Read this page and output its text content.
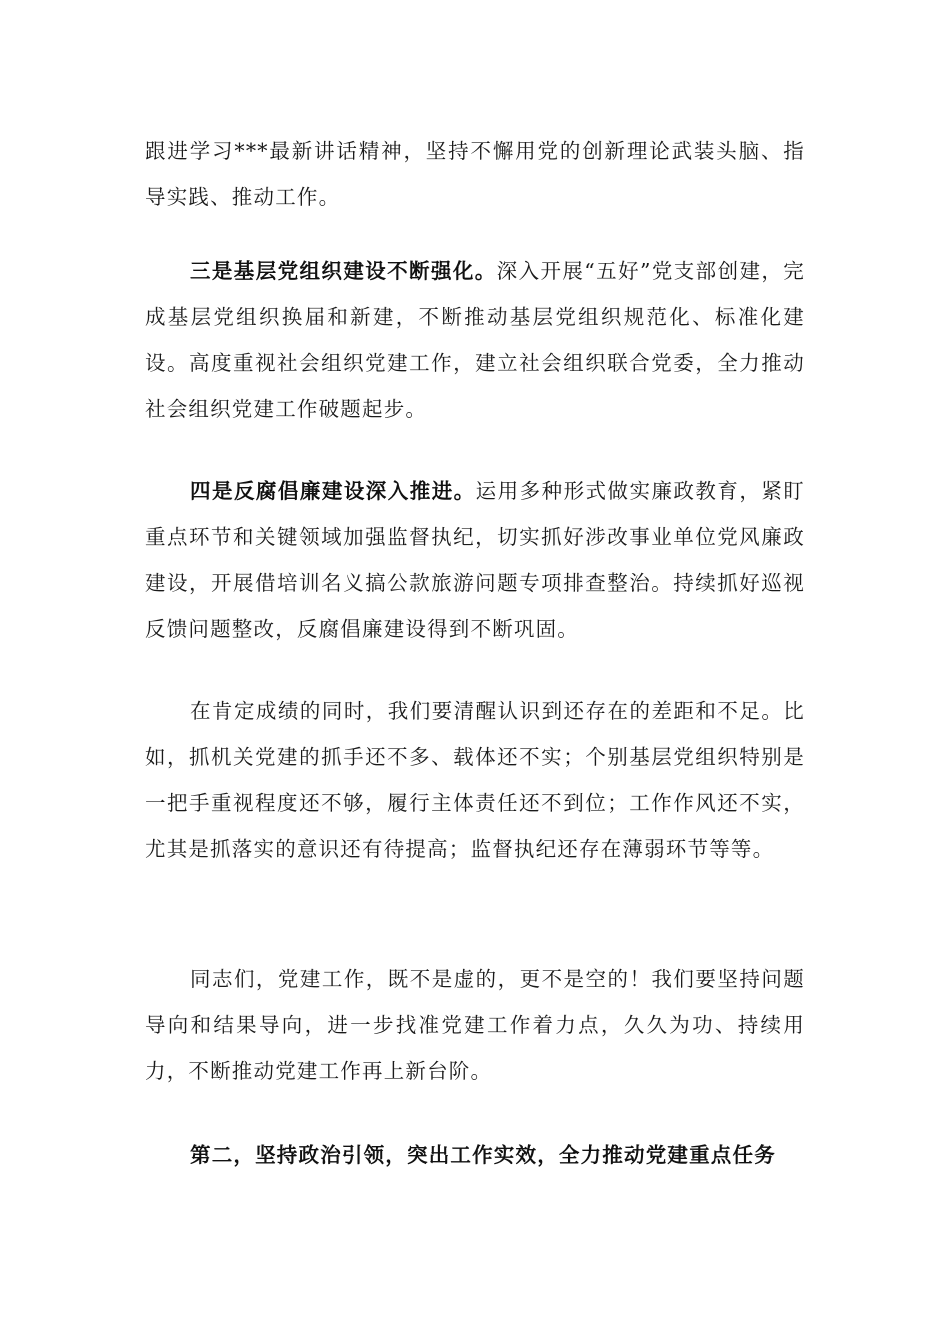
跟进学习***最新讲话精神，坚持不懈用党的创新理论武装头脑、指导实践、推动工作。

三是基层党组织建设不断强化。深入开展“五好”党支部创建，完成基层党组织换届和新建，不断推动基层党组织规范化、标准化建设。高度重视社会组织党建工作，建立社会组织联合党委，全力推动社会组织党建工作破题起步。

四是反腐倡廉建设深入推进。运用多种形式做实廉政教育，紧盯重点环节和关键领域加强监督执纪，切实抓好涉改事业单位党风廉政建设，开展借培训名义搞公款旅游问题专项排查整治。持续抓好巡视反馈问题整改，反腐倡廉建设得到不断巩固。

在肯定成绩的同时，我们要清醒认识到还存在的差距和不足。比如，抓机关党建的抓手还不多、载体还不实；个别基层党组织特别是一把手重视程度还不够，履行主体责任还不到位；工作作风还不实，尤其是抓落实的意识还有待提高；监督执纪还存在薄弱环节等等。

同志们，党建工作，既不是虚的，更不是空的！我们要坚持问题导向和结果导向，进一步找准党建工作着力点，久久为功、持续用力，不断推动党建工作再上新台阶。

第二，坚持政治引领，突出工作实效，全力推动党建重点任务
